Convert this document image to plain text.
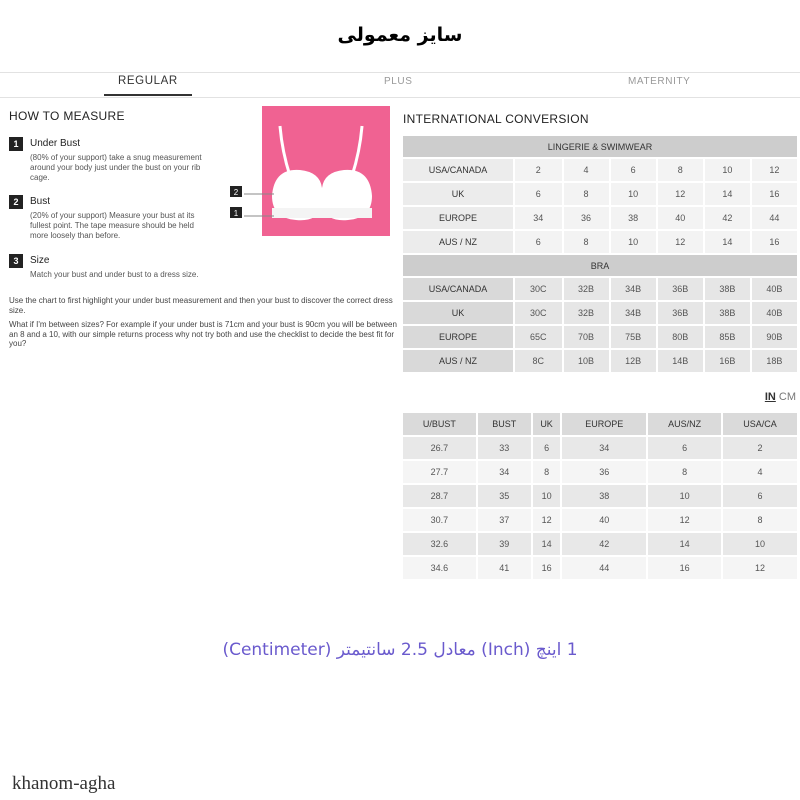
سایز معمولی
REGULAR	PLUS	MATERNITY
HOW TO MEASURE
1	Under Bust
(80% of your support) take a snug measurement around your body just under the bust on your rib cage.
2	Bust
(20% of your support) Measure your bust at its fullest point. The tape measure should be held more loosely than before.
3	Size
Match your bust and under bust to a dress size.
Use the chart to first highlight your under bust measurement and then your bust to discover the correct dress size.
What if I'm between sizes? For example if your under bust is 71cm and your bust is 90cm you will be between an 8 and a 10, with our simple returns process why not try both and use the checklist to decide the best fit for you?
2
1
INTERNATIONAL CONVERSION
LINGERIE & SWIMWEAR						
USA/CANADA	2	4	6	8	10	12
UK	6	8	10	12	14	16
EUROPE	34	36	38	40	42	44
AUS / NZ	6	8	10	12	14	16
BRA						
USA/CANADA	30C	32B	34B	36B	38B	40B
UK	30C	32B	34B	36B	38B	40B
EUROPE	65C	70B	75B	80B	85B	90B
AUS / NZ	8C	10B	12B	14B	16B	18B
IN CM
U/BUST	BUST	UK	EUROPE	AUS/NZ	USA/CA
26.7	33	6	34	6	2
27.7	34	8	36	8	4
28.7	35	10	38	10	6
30.7	37	12	40	12	8
32.6	39	14	42	14	10
34.6	41	16	44	16	12
1 اینچ (Inch) معادل 2.5 سانتیمتر (Centimeter)
khanom-agha
